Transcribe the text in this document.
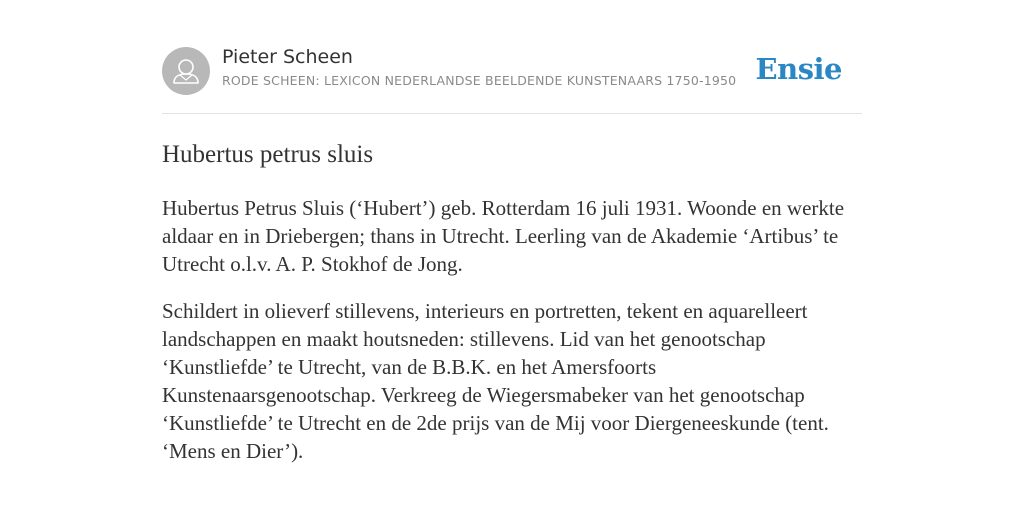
Pieter Scheen
RODE SCHEEN: LEXICON NEDERLANDSE BEELDENDE KUNSTENAARS 1750-1950 Ensie
Hubertus petrus sluis

Hubertus Petrus Sluis (‘Hubert’) geb. Rotterdam 16 juli 1931. Woonde en werkte aldaar en in Driebergen; thans in Utrecht. Leerling van de Akademie ‘Artibus’ te Utrecht o.l.v. A. P. Stokhof de Jong.

Schildert in olieverf stillevens, interieurs en portretten, tekent en aquarelleert landschappen en maakt houtsneden: stillevens. Lid van het genootschap ‘Kunstliefde’ te Utrecht, van de B.B.K. en het Amersfoorts Kunstenaarsgenootschap. Verkreeg de Wiegersmabeker van het genootschap ‘Kunstliefde’ te Utrecht en de 2de prijs van de Mij voor Diergeneeskunde (tent. ‘Mens en Dier’).
